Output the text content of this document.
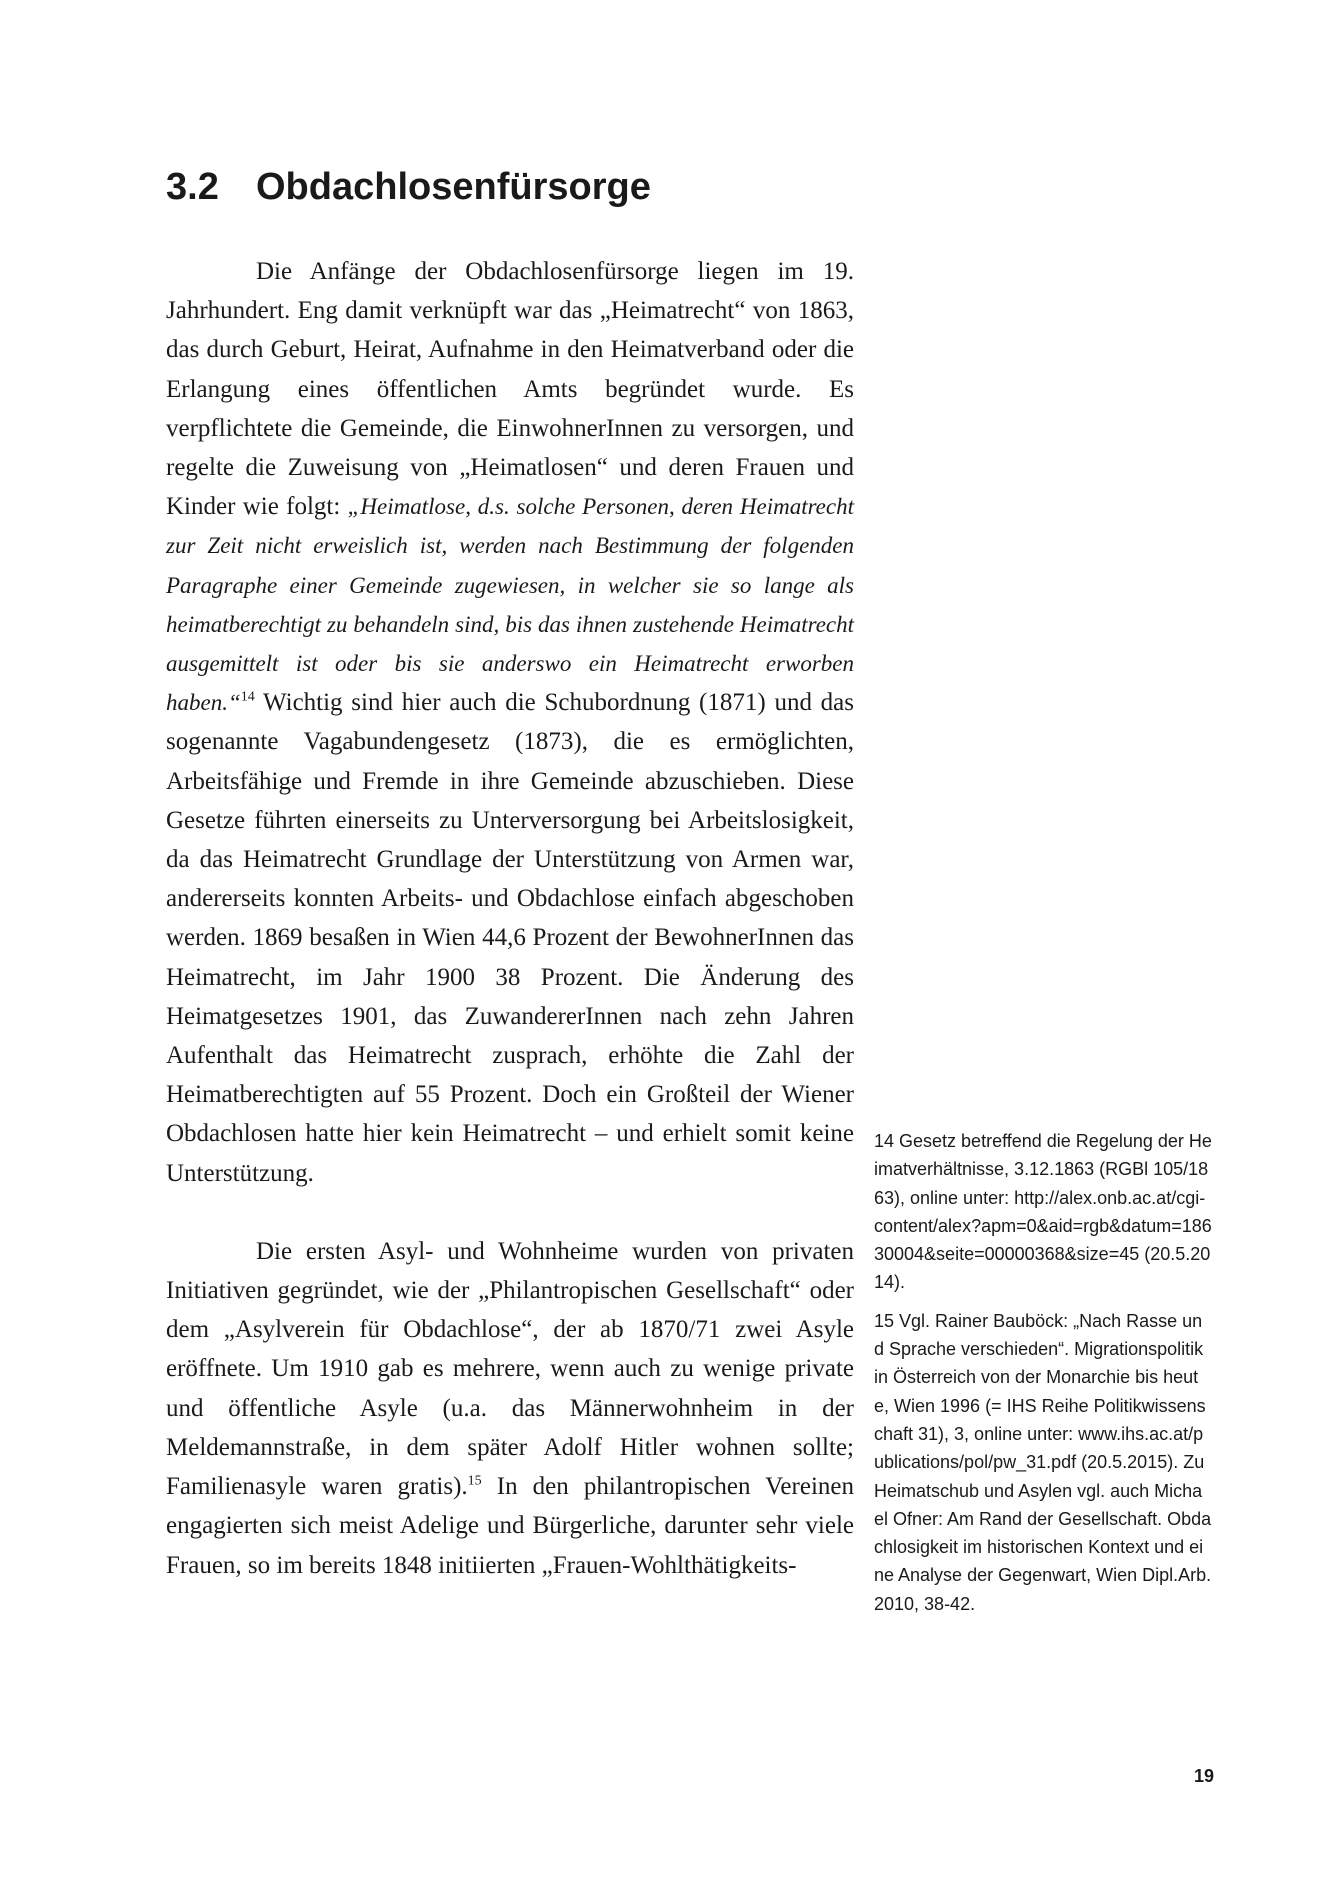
3.2 Obdachlosenfürsorge

Die Anfänge der Obdachlosenfürsorge liegen im 19. Jahrhundert. Eng damit verknüpft war das „Heimatrecht“ von 1863, das durch Geburt, Heirat, Aufnahme in den Heimatverband oder die Erlangung eines öffentlichen Amts begründet wurde. Es verpflichtete die Gemeinde, die EinwohnerInnen zu versorgen, und regelte die Zuweisung von „Heimatlosen“ und deren Frauen und Kinder wie folgt: „Heimatlose, d.s. solche Personen, deren Heimatrecht zur Zeit nicht erweislich ist, werden nach Bestimmung der folgenden Paragraphe einer Gemeinde zugewiesen, in welcher sie so lange als heimatberechtigt zu behandeln sind, bis das ihnen zustehende Heimatrecht ausgemittelt ist oder bis sie anderswo ein Heimatrecht erworben haben.“$^{14}$ Wichtig sind hier auch die Schubordnung (1871) und das sogenannte Vagabundengesetz (1873), die es ermöglichten, Arbeitsfähige und Fremde in ihre Gemeinde abzuschieben. Diese Gesetze führten einerseits zu Unterversorgung bei Arbeitslosigkeit, da das Heimatrecht Grundlage der Unterstützung von Armen war, andererseits konnten Arbeits- und Obdachlose einfach abgeschoben werden. 1869 besaßen in Wien 44,6 Prozent der BewohnerInnen das Heimatrecht, im Jahr 1900 38 Prozent. Die Änderung des Heimatgesetzes 1901, das ZuwandererInnen nach zehn Jahren Aufenthalt das Heimatrecht zusprach, erhöhte die Zahl der Heimatberechtigten auf 55 Prozent. Doch ein Großteil der Wiener Obdachlosen hatte hier kein Heimatrecht – und erhielt somit keine Unterstützung.

Die ersten Asyl- und Wohnheime wurden von privaten Initiativen gegründet, wie der „Philantropischen Gesellschaft“ oder dem „Asylverein für Obdachlose“, der ab 1870/71 zwei Asyle eröffnete. Um 1910 gab es mehrere, wenn auch zu wenige private und öffentliche Asyle (u.a. das Männerwohnheim in der Meldemannstraße, in dem später Adolf Hitler wohnen sollte; Familienasyle waren gratis).$^{15}$ In den philantropischen Vereinen engagierten sich meist Adelige und Bürgerliche, darunter sehr viele Frauen, so im bereits 1848 initiierten „Frauen-Wohlthätigkeits-

14 Gesetz betreffend die Regelung der Heimatverhältnisse, 3.12.1863 (RGBl 105/1863), online unter: http://alex.onb.ac.at/cgi-content/alex?apm=0&aid=rgb&datum=18630004&seite=00000368&size=45 (20.5.2014).

15 Vgl. Rainer Bauböck: „Nach Rasse und Sprache verschieden“. Migrationspolitik in Österreich von der Monarchie bis heute, Wien 1996 (= IHS Reihe Politikwissenschaft 31), 3, online unter: www.ihs.ac.at/publications/pol/pw_31.pdf (20.5.2015). Zu Heimatschub und Asylen vgl. auch Michael Ofner: Am Rand der Gesellschaft. Obdachlosigkeit im historischen Kontext und eine Analyse der Gegenwart, Wien Dipl.Arb. 2010, 38-42.

19
